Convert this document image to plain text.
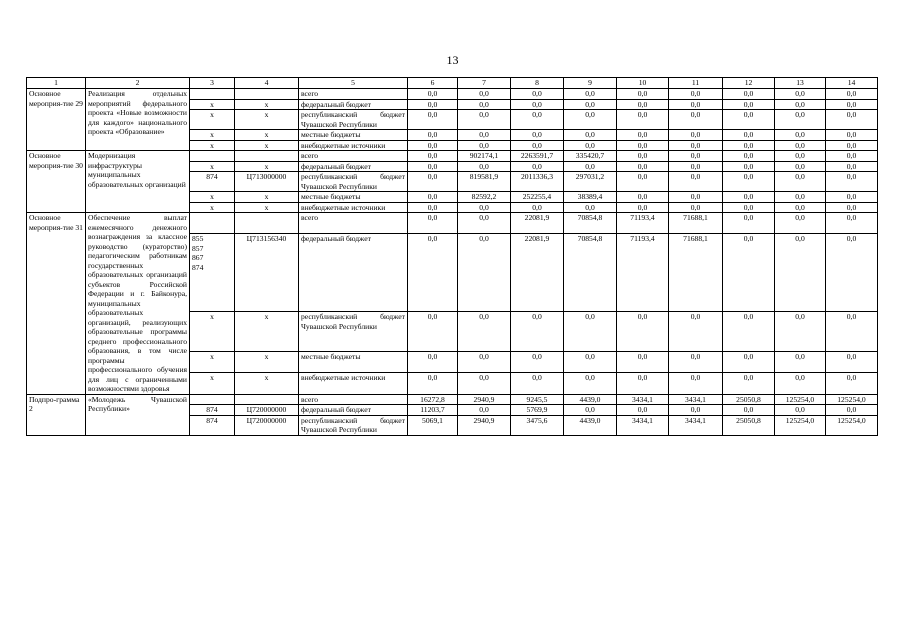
13
1	2	3	4	5	6	7	8	9	10	11	12	13	14
Основное мероприя-тие 29	Реализация отдельных мероприятий федерального проекта «Новые возможности для каждого» национального проекта «Образование»			всего	0,0	0,0	0,0	0,0	0,0	0,0	0,0	0,0	0,0
		х	х	федеральный бюджет	0,0	0,0	0,0	0,0	0,0	0,0	0,0	0,0	0,0
		х	х	республиканский бюджет Чувашской Республики	0,0	0,0	0,0	0,0	0,0	0,0	0,0	0,0	0,0
		х	х	местные бюджеты	0,0	0,0	0,0	0,0	0,0	0,0	0,0	0,0	0,0
		х	х	внебюджетные источники	0,0	0,0	0,0	0,0	0,0	0,0	0,0	0,0	0,0
Основное мероприя-тие 30	Модернизация инфраструктуры муниципальных образовательных организаций			всего	0,0	902174,1	2263591,7	335420,7	0,0	0,0	0,0	0,0	0,0
		х	х	федеральный бюджет	0,0	0,0	0,0	0,0	0,0	0,0	0,0	0,0	0,0
		874	Ц713000000	республиканский бюджет Чувашской Республики	0,0	819581,9	2011336,3	297031,2	0,0	0,0	0,0	0,0	0,0
		х	х	местные бюджеты	0,0	82592,2	252255,4	38389,4	0,0	0,0	0,0	0,0	0,0
		х	х	внебюджетные источники	0,0	0,0	0,0	0,0	0,0	0,0	0,0	0,0	0,0
Основное мероприя-тие 31	Обеспечение выплат ежемесячного денежного вознаграждения за классное руководство (кураторство) педагогическим работникам государственных образовательных организаций субъектов Российской Федерации и г. Байконура, муниципальных образовательных организаций, реализующих образовательные программы среднего профессионального образования, в том числе программы профессионального обучения для лиц с ограниченными возможностями здоровья			всего	0,0	0,0	22081,9	70854,8	71193,4	71688,1	0,0	0,0	0,0
		855
857
867
874	Ц713156340	федеральный бюджет	0,0	0,0	22081,9	70854,8	71193,4	71688,1	0,0	0,0	0,0
		х	х	республиканский бюджет Чувашской Республики	0,0	0,0	0,0	0,0	0,0	0,0	0,0	0,0	0,0
		х	х	местные бюджеты	0,0	0,0	0,0	0,0	0,0	0,0	0,0	0,0	0,0
		х	х	внебюджетные источники	0,0	0,0	0,0	0,0	0,0	0,0	0,0	0,0	0,0
Подпро-грамма 2	«Молодежь Чувашской Республики»			всего	16272,8	2940,9	9245,5	4439,0	3434,1	3434,1	25050,8	125254,0	125254,0
		874	Ц720000000	федеральный бюджет	11203,7	0,0	5769,9	0,0	0,0	0,0	0,0	0,0	0,0
		874	Ц720000000	республиканский бюджет Чувашской Республики	5069,1	2940,9	3475,6	4439,0	3434,1	3434,1	25050,8	125254,0	125254,0
